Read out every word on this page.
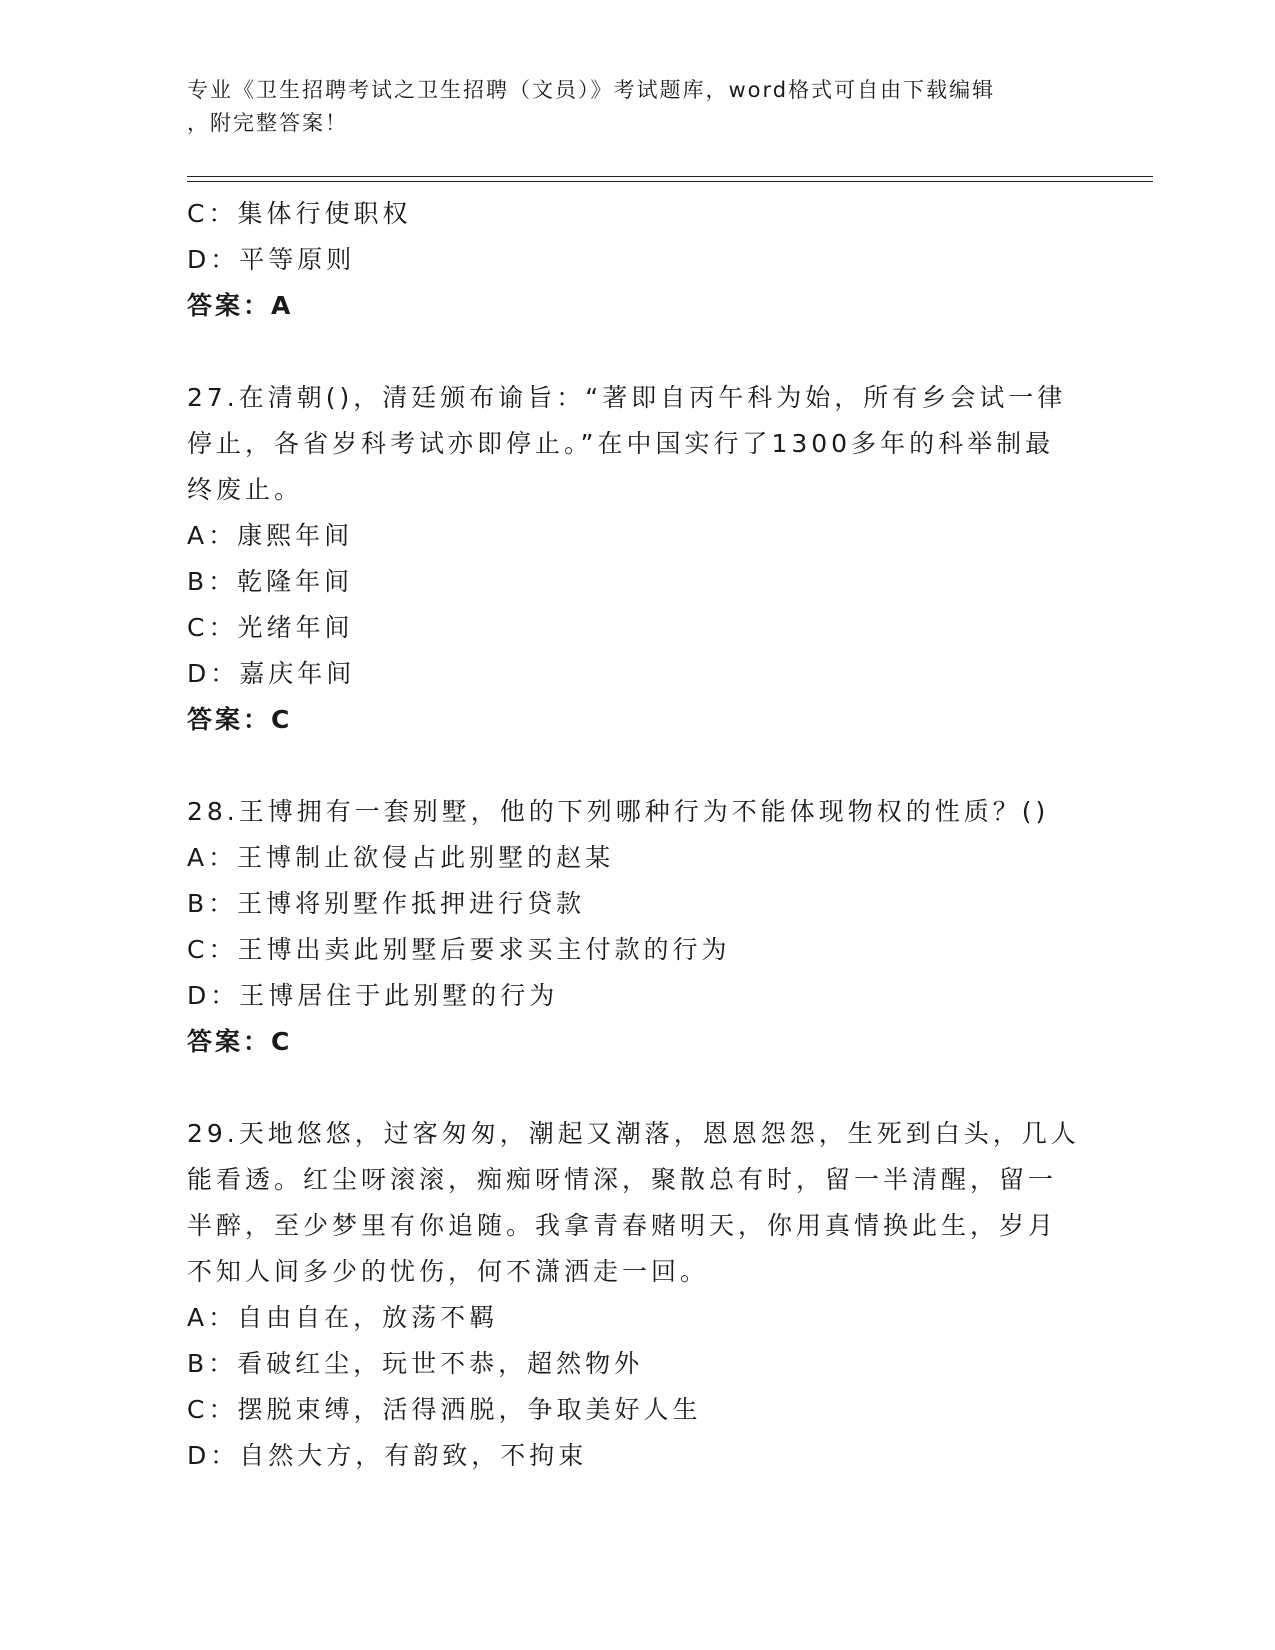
专业《卫生招聘考试之卫生招聘（文员）》考试题库，word格式可自由下载编辑
，附完整答案！
C：集体行使职权
D：平等原则
答案：A
27.在清朝()，清廷颁布谕旨：“著即自丙午科为始，所有乡会试一律
停止，各省岁科考试亦即停止。”在中国实行了1300多年的科举制最
终废止。
A：康熙年间
B：乾隆年间
C：光绪年间
D：嘉庆年间
答案：C
28.王博拥有一套别墅，他的下列哪种行为不能体现物权的性质？()
A：王博制止欲侵占此别墅的赵某
B：王博将别墅作抵押进行贷款
C：王博出卖此别墅后要求买主付款的行为
D：王博居住于此别墅的行为
答案：C
29.天地悠悠，过客匆匆，潮起又潮落，恩恩怨怨，生死到白头，几人
能看透。红尘呀滚滚，痴痴呀情深，聚散总有时，留一半清醒，留一
半醉，至少梦里有你追随。我拿青春赌明天，你用真情换此生，岁月
不知人间多少的忧伤，何不潇洒走一回。
A：自由自在，放荡不羁
B：看破红尘，玩世不恭，超然物外
C：摆脱束缚，活得洒脱，争取美好人生
D：自然大方，有韵致，不拘束
